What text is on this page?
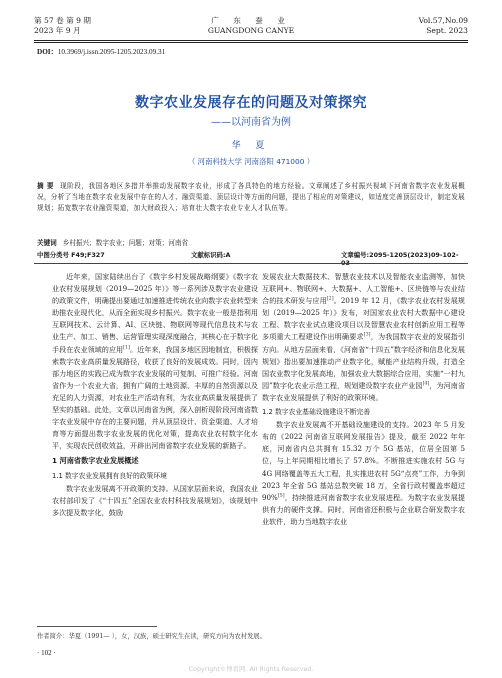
第 57 卷 第 9 期
2023 年 9 月
广 东 蚕 业
GUANGDONG CANYE
Vol.57,No.09
Sept. 2023
DOI：10.3969/j.issn.2095-1205.2023.09.31
数字农业发展存在的问题及对策探究
——以河南省为例
华 夏
（ 河南科技大学 河南洛阳 471000 ）
摘 要 现阶段，我国各地区多措并举推动发展数字农业，形成了各具特色的地方经验。文章阐述了乡村振兴视域下河南省数字农业发展概况，分析了当地在数字农业发展中存在的人才、融资渠道、顶层设计等方面的问题，提出了相应的对策建议，如适度完善顶层设计，制定发展规划；拓宽数字农业融资渠道，加大财政投入；培育壮大数字农业专业人才队伍等。
关键词 乡村振兴；数字农业；问题；对策；河南省
中图分类号 F49;F327	文献标识码:A	文章编号:2095-1205(2023)09-102-03

近年来，国家陆续出台了《数字乡村发展战略纲要》《数字农业农村发展规划（2019—2025 年）》等一系列涉及数字农业建设的政策文件，明确提出要通过加速推进传统农业向数字农业转型来助推农业现代化，从而全面实现乡村振兴。数字农业一般是指利用互联网技术、云计算、AI、区块链、物联网等现代信息技术与农业生产、加工、销售、运营管理实现深度融合，其核心在于数字化手段在农业领域的应用[1]。近年来，我国多地区因地制宜，积极探索数字农业高质量发展路径，收获了良好的发展成效。同时，因内部力地区的实践已成为数字农业发展的可复制、可推广经验。河南省作为一个农业大省，拥有广阔的土地资源、丰厚的自然资源以及充足的人力资源，对农业生产活动有利，为农业高质量发展提供了坚实的基础。此处，文章以河南省为例，深入剖析现阶段河南省数字农业发展中存在的主要问题，并从顶层设计、资金渠道、人才培育等方面提出数字农业发展的优化对策，提高农业农村数字化水平，实现农民创收效益，开辟出河南省数字农业发展的新路子。

1 河南省数字农业发展概述
1.1 数字农业发展拥有良好的政策环境

数字农业发展离不开政策的支持。从国家层面来说，我国农业农村部印发了《“十四五”全国农业农村科技发展规划》，该规划中多次提及数字化，鼓励

发展农业大数据技术、智慧农业技术以及智能农业监测等，加快互联网+、物联网+、大数据+、人工智能+、区块链等与农业结合的技术研发与应用[2]。2019 年 12 月，《数字农业农村发展规划（2019—2025 年）》发布，对国家农业农村大数据中心建设工程、数字农业试点建设项目以及智慧农业农村创新应用工程等多项重大工程建设作出明确要求[3]，为我国数字农业的发展指引方向。从地方层面来看，《河南省“十四五”数字经济和信息化发展规划》指出要加速推动产业数字化，赋能产业结构升级，打造全国农业数字化发展高地，加强农业大数据综合应用，实施“一村九园”数字化农业示范工程，规划建设数字农业产业园[4]，为河南省数字农业发展提供了利好的政策环境。

1.2 数字农业基础设施建设不断完善

数字农业发展离不开基础设施建设的支持。2023 年 5 月发布的《2022 河南省互联网发展报告》提及，截至 2022 年年底，河南省内总共拥有 15.32 万个 5G 基站，位居全国第 5 位，与上年同期相比增长了 57.8%。不断推进实施农村 5G 与 4G 网络覆盖等五大工程，扎实推进农村 5G“点亮”工作，力争到 2023 年全省 5G 基站总数突破 18 万，全省行政村覆盖率超过 90%[5]，持续推进河南省数字农业发展进程。为数字农业发展提供有力的硬件支撑。同时，河南省还积极与企业联合研发数字农业软件，助力当地数字农业

作者简介：华夏（1991— ），女，汉族，硕士研究生在读，研究方向为农村发展。
· 102 ·
Copyright©博看网. All Rights Reserved.
